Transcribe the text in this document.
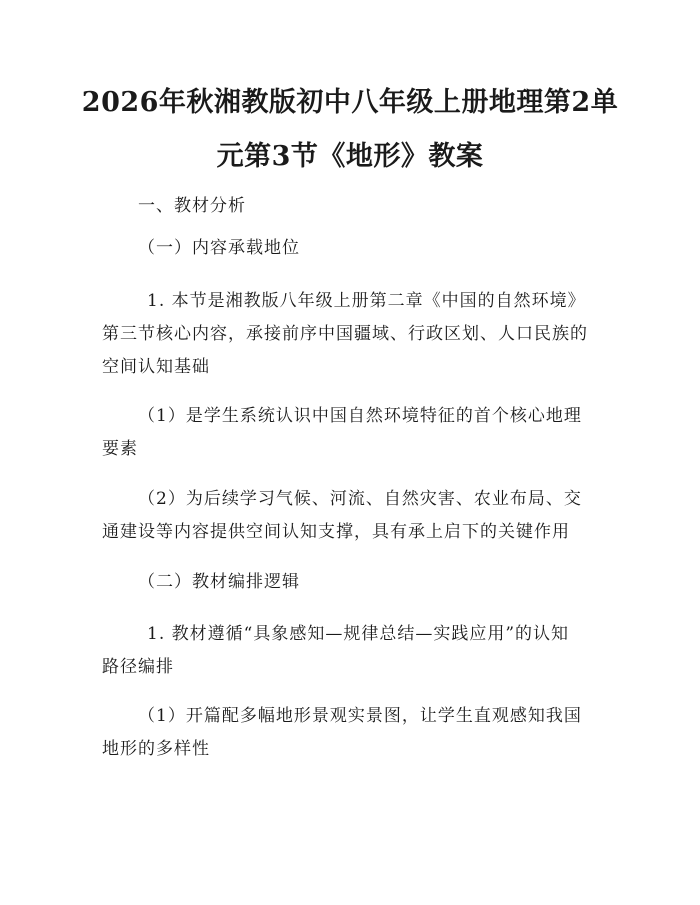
2026年秋湘教版初中八年级上册地理第2单
元第3节《地形》教案

一、教材分析

（一）内容承载地位

1. 本节是湘教版八年级上册第二章《中国的自然环境》
第三节核心内容，承接前序中国疆域、行政区划、人口民族的
空间认知基础

（1）是学生系统认识中国自然环境特征的首个核心地理
要素

（2）为后续学习气候、河流、自然灾害、农业布局、交
通建设等内容提供空间认知支撑，具有承上启下的关键作用

（二）教材编排逻辑

1. 教材遵循“具象感知—规律总结—实践应用”的认知
路径编排

（1）开篇配多幅地形景观实景图，让学生直观感知我国
地形的多样性
